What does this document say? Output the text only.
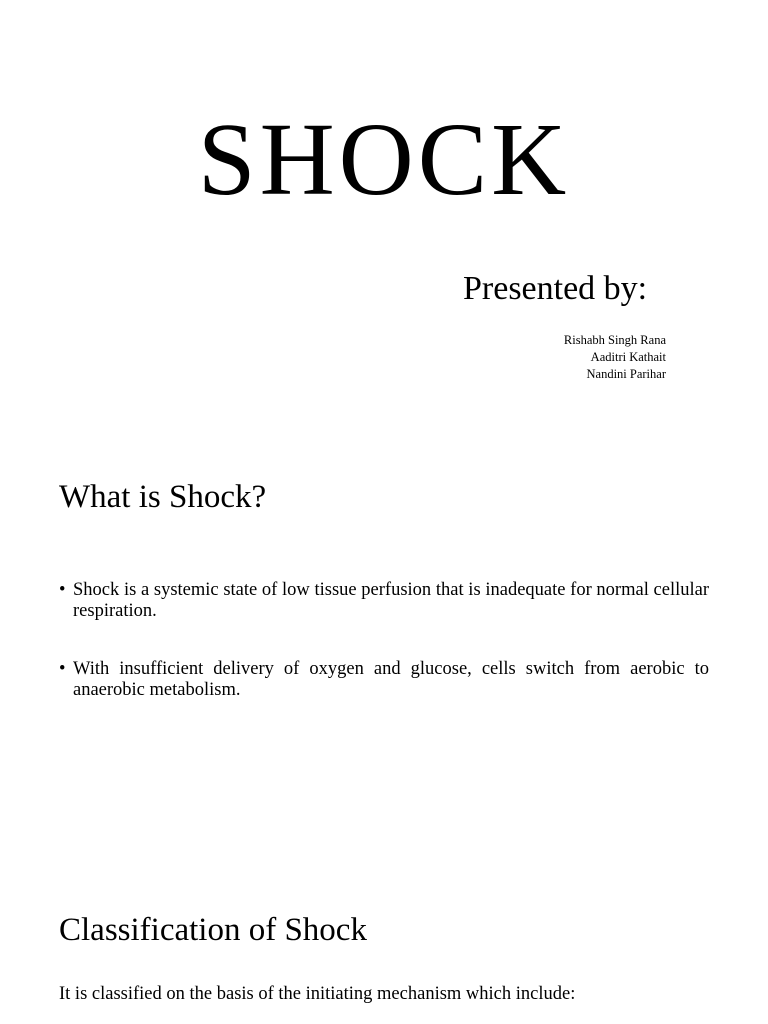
SHOCK
Presented by:
Rishabh Singh Rana
Aaditri Kathait
Nandini Parihar
What is Shock?
• Shock is a systemic state of low tissue perfusion that is inadequate for normal cellular respiration.
• With insufficient delivery of oxygen and glucose, cells switch from aerobic to anaerobic metabolism.
Classification of Shock

It is classified on the basis of the initiating mechanism which include:
